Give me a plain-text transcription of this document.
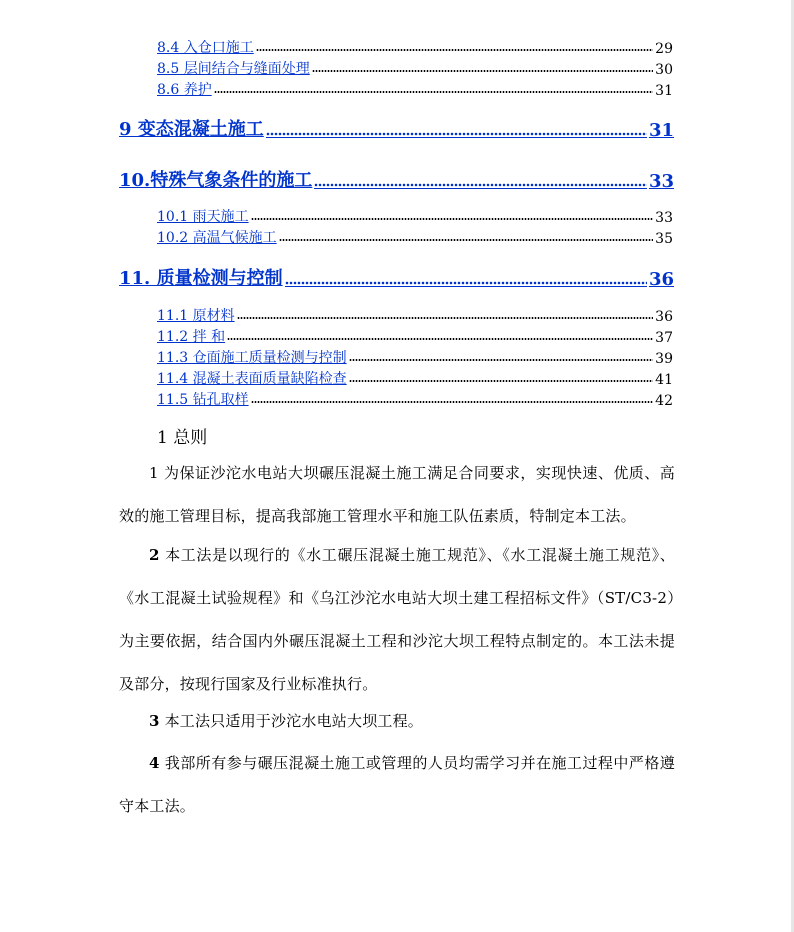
8.4 入仓口施工	29
8.5 层间结合与缝面处理	30
8.6 养护	31
9 变态混凝土施工	31
10.特殊气象条件的施工	33
10.1 雨天施工	33
10.2 高温气候施工	35
11. 质量检测与控制	36
11.1 原材料	36
11.2 拌 和	37
11.3 仓面施工质量检测与控制	39
11.4 混凝土表面质量缺陷检查	41
11.5 钻孔取样	42
1 总则
1 为保证沙沱水电站大坝碾压混凝土施工满足合同要求，实现快速、优质、高效的施工管理目标，提高我部施工管理水平和施工队伍素质，特制定本工法。
2 本工法是以现行的《水工碾压混凝土施工规范》、《水工混凝土施工规范》、《水工混凝土试验规程》和《乌江沙沱水电站大坝土建工程招标文件》（ST/C3-2）为主要依据，结合国内外碾压混凝土工程和沙沱大坝工程特点制定的。本工法未提及部分，按现行国家及行业标准执行。
3 本工法只适用于沙沱水电站大坝工程。
4 我部所有参与碾压混凝土施工或管理的人员均需学习并在施工过程中严格遵守本工法。
